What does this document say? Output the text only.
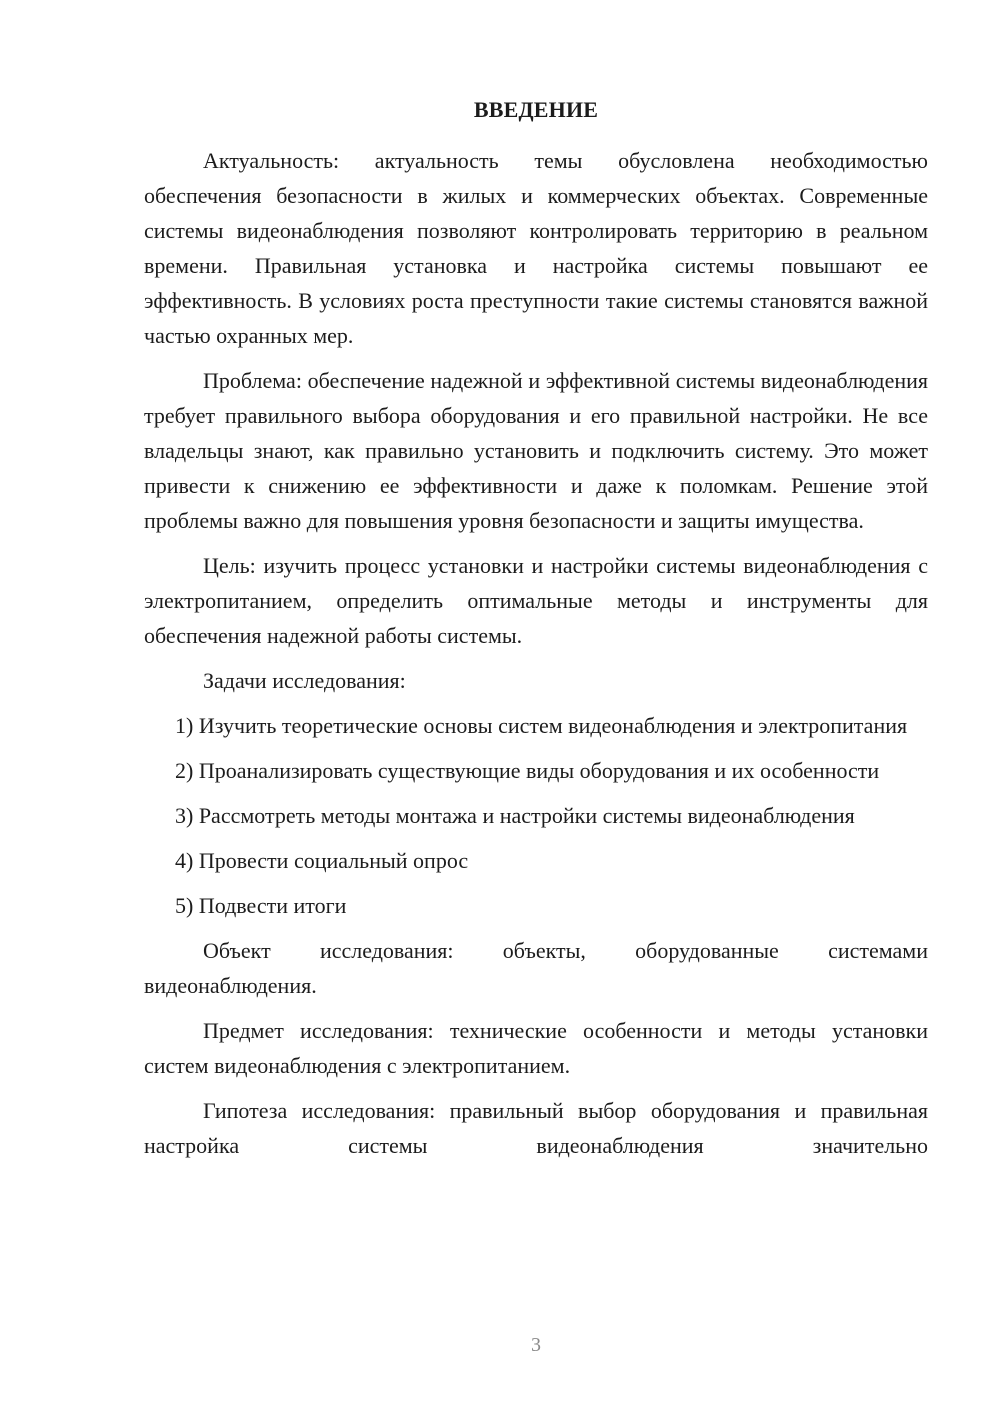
ВВЕДЕНИЕ

Актуальность: актуальность темы обусловлена необходимостью обеспечения безопасности в жилых и коммерческих объектах. Современные системы видеонаблюдения позволяют контролировать территорию в реальном времени. Правильная установка и настройка системы повышают ее эффективность. В условиях роста преступности такие системы становятся важной частью охранных мер.

Проблема: обеспечение надежной и эффективной системы видеонаблюдения требует правильного выбора оборудования и его правильной настройки. Не все владельцы знают, как правильно установить и подключить систему. Это может привести к снижению ее эффективности и даже к поломкам. Решение этой проблемы важно для повышения уровня безопасности и защиты имущества.

Цель: изучить процесс установки и настройки системы видеонаблюдения с электропитанием, определить оптимальные методы и инструменты для обеспечения надежной работы системы.

Задачи исследования:

1) Изучить теоретические основы систем видеонаблюдения и электропитания

2) Проанализировать существующие виды оборудования и их особенности

3) Рассмотреть методы монтажа и настройки системы видеонаблюдения

4) Провести социальный опрос

5) Подвести итоги

Объект исследования: объекты, оборудованные системами видеонаблюдения.

Предмет исследования: технические особенности и методы установки систем видеонаблюдения с электропитанием.

Гипотеза исследования: правильный выбор оборудования и правильная настройка системы видеонаблюдения значительно

3
